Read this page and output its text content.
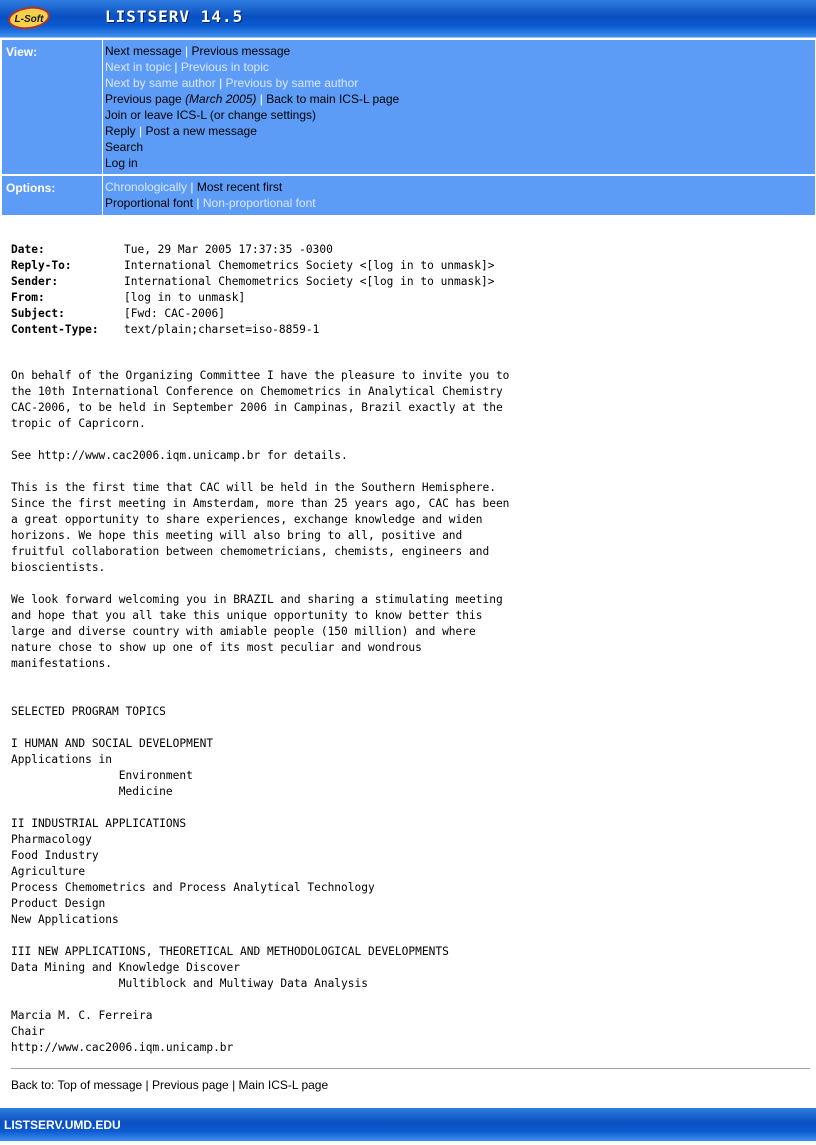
L-Soft	LISTSERV 14.5
View:	Next message | Previous message
Next in topic | Previous in topic
Next by same author | Previous by same author
Previous page (March 2005) | Back to main ICS-L page
Join or leave ICS-L (or change settings)
Reply | Post a new message
Search
Log in
Options:	Chronologically | Most recent first
Proportional font | Non-proportional font
Date:	Tue, 29 Mar 2005 17:37:35 -0300
Reply-To:	International Chemometrics Society <[log in to unmask]>
Sender:	International Chemometrics Society <[log in to unmask]>
From:	[log in to unmask]
Subject:	[Fwd: CAC-2006]
Content-Type: text/plain;charset=iso-8859-1
On behalf of the Organizing Committee I have the pleasure to invite you to
the 10th International Conference on Chemometrics in Analytical Chemistry
CAC-2006, to be held in September 2006 in Campinas, Brazil exactly at the
tropic of Capricorn.

See http://www.cac2006.iqm.unicamp.br for details.

This is the first time that CAC will be held in the Southern Hemisphere.
Since the first meeting in Amsterdam, more than 25 years ago, CAC has been
a great opportunity to share experiences, exchange knowledge and widen
horizons. We hope this meeting will also bring to all, positive and
fruitful collaboration between chemometricians, chemists, engineers and
bioscientists.

We look forward welcoming you in BRAZIL and sharing a stimulating meeting
and hope that you all take this unique opportunity to know better this
large and diverse country with amiable people (150 million) and where
nature chose to show up one of its most peculiar and wondrous
manifestations.

SELECTED PROGRAM TOPICS

I HUMAN AND SOCIAL DEVELOPMENT
Applications in
Environment
Medicine

II INDUSTRIAL APPLICATIONS
Pharmacology
Food Industry
Agriculture
Process Chemometrics and Process Analytical Technology
Product Design
New Applications

III NEW APPLICATIONS, THEORETICAL AND METHODOLOGICAL DEVELOPMENTS
Data Mining and Knowledge Discover
Multiblock and Multiway Data Analysis

Marcia M. C. Ferreira
Chair
http://www.cac2006.iqm.unicamp.br
Back to: Top of message | Previous page | Main ICS-L page
LISTSERV.UMD.EDU
